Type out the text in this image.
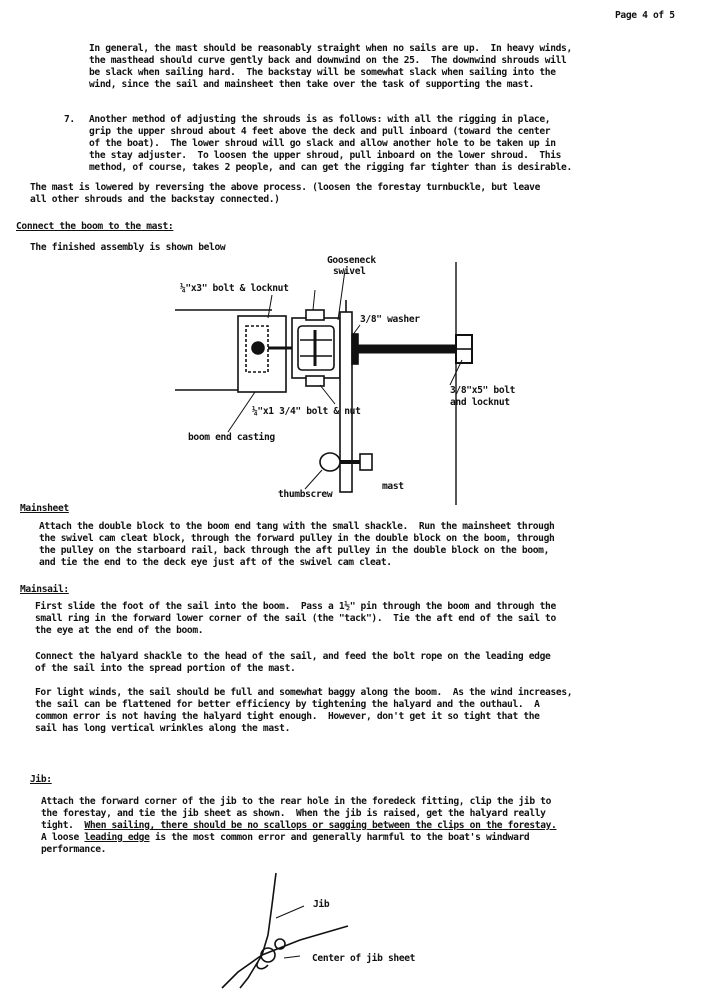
Page 4 of 5
In general, the mast should be reasonably straight when no sails are up.  In heavy winds,
the masthead should curve gently back and downwind on the 25.  The downwind shrouds will
be slack when sailing hard.  The backstay will be somewhat slack when sailing into the
wind, since the sail and mainsheet then take over the task of supporting the mast.
7. Another method of adjusting the shrouds is as follows: with all the rigging in place,
grip the upper shroud about 4 feet above the deck and pull inboard (toward the center
of the boat).  The lower shroud will go slack and allow another hole to be taken up in
the stay adjuster.  To loosen the upper shroud, pull inboard on the lower shroud.  This
method, of course, takes 2 people, and can get the rigging far tighter than is desirable.
The mast is lowered by reversing the above process. (loosen the forestay turnbuckle, but leave
all other shrouds and the backstay connected.)
Connect the boom to the mast:
The finished assembly is shown below
Gooseneck
swivel
¼"x3" bolt & locknut
3/8" washer
3/8"x5" bolt
and locknut
¼"x1 3/4" bolt & nut
boom end casting
thumbscrew
mast
Mainsheet
Attach the double block to the boom end tang with the small shackle.  Run the mainsheet through
the swivel cam cleat block, through the forward pulley in the double block on the boom, through
the pulley on the starboard rail, back through the aft pulley in the double block on the boom,
and tie the end to the deck eye just aft of the swivel cam cleat.
Mainsail:
First slide the foot of the sail into the boom.  Pass a 1½" pin through the boom and through the
small ring in the forward lower corner of the sail (the "tack").  Tie the aft end of the sail to
the eye at the end of the boom.
Connect the halyard shackle to the head of the sail, and feed the bolt rope on the leading edge
of the sail into the spread portion of the mast.
For light winds, the sail should be full and somewhat baggy along the boom.  As the wind increases,
the sail can be flattened for better efficiency by tightening the halyard and the outhaul.  A
common error is not having the halyard tight enough.  However, don't get it so tight that the
sail has long vertical wrinkles along the mast.
Jib:
Attach the forward corner of the jib to the rear hole in the foredeck fitting, clip the jib to
the forestay, and tie the jib sheet as shown.  When the jib is raised, get the halyard really
tight.  When sailing, there should be no scallops or sagging between the clips on the forestay.
A loose leading edge is the most common error and generally harmful to the boat's windward
performance.
Jib
Center of jib sheet
